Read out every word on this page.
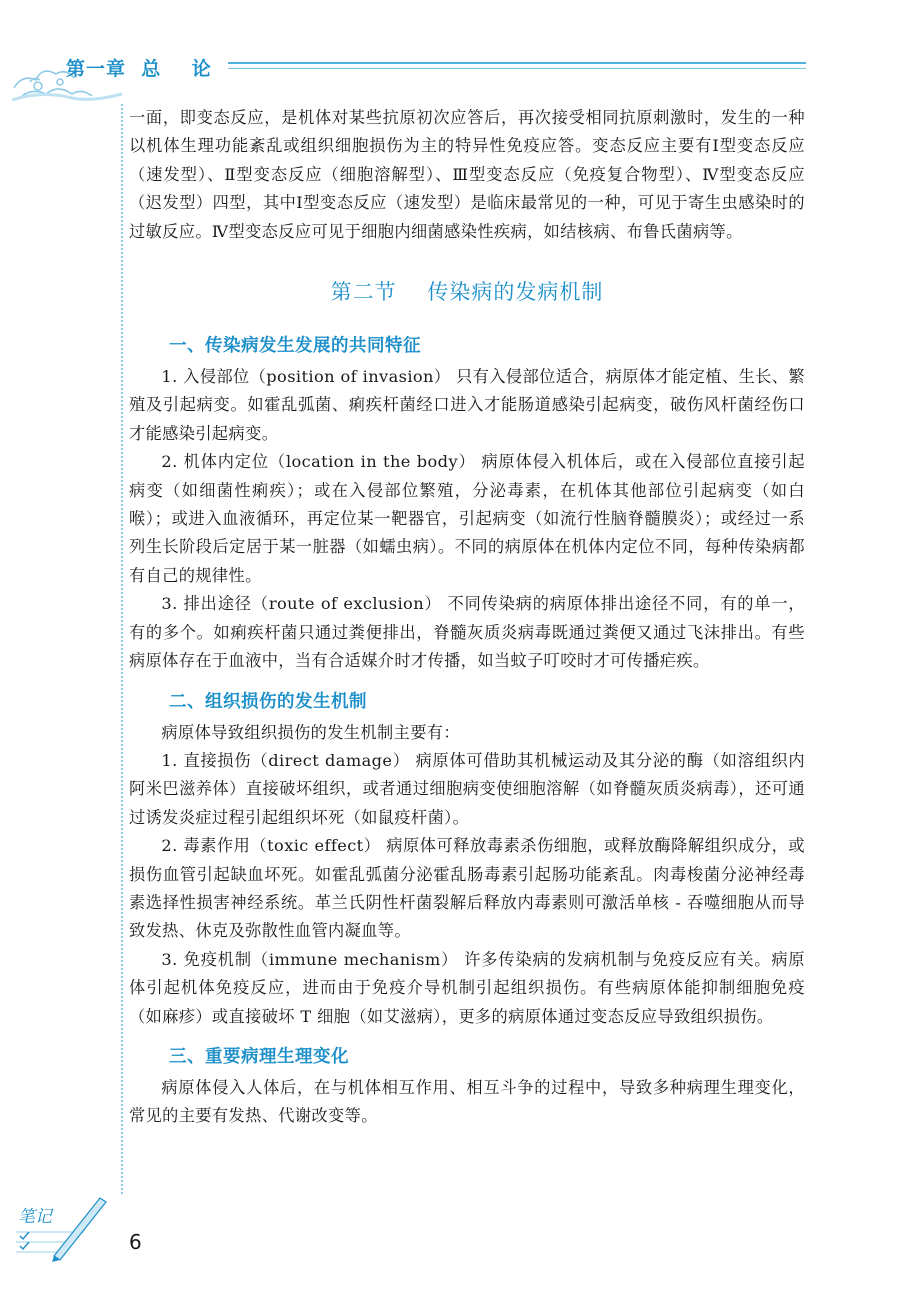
第一章  总    论

一面，即变态反应，是机体对某些抗原初次应答后，再次接受相同抗原刺激时，发生的一种以机体生理功能紊乱或组织细胞损伤为主的特异性免疫应答。变态反应主要有Ⅰ型变态反应（速发型）、Ⅱ型变态反应（细胞溶解型）、Ⅲ型变态反应（免疫复合物型）、Ⅳ型变态反应（迟发型）四型，其中Ⅰ型变态反应（速发型）是临床最常见的一种，可见于寄生虫感染时的过敏反应。Ⅳ型变态反应可见于细胞内细菌感染性疾病，如结核病、布鲁氏菌病等。

第二节    传染病的发病机制
一、传染病发生发展的共同特征

1. 入侵部位（position of invasion） 只有入侵部位适合，病原体才能定植、生长、繁殖及引起病变。如霍乱弧菌、痢疾杆菌经口进入才能肠道感染引起病变，破伤风杆菌经伤口才能感染引起病变。

2. 机体内定位（location in the body） 病原体侵入机体后，或在入侵部位直接引起病变（如细菌性痢疾）；或在入侵部位繁殖，分泌毒素，在机体其他部位引起病变（如白喉）；或进入血液循环，再定位某一靶器官，引起病变（如流行性脑脊髓膜炎）；或经过一系列生长阶段后定居于某一脏器（如蠕虫病）。不同的病原体在机体内定位不同，每种传染病都有自己的规律性。

3. 排出途径（route of exclusion） 不同传染病的病原体排出途径不同，有的单一，有的多个。如痢疾杆菌只通过粪便排出，脊髓灰质炎病毒既通过粪便又通过飞沫排出。有些病原体存在于血液中，当有合适媒介时才传播，如当蚊子叮咬时才可传播疟疾。

二、组织损伤的发生机制

病原体导致组织损伤的发生机制主要有：

1. 直接损伤（direct damage） 病原体可借助其机械运动及其分泌的酶（如溶组织内阿米巴滋养体）直接破坏组织，或者通过细胞病变使细胞溶解（如脊髓灰质炎病毒），还可通过诱发炎症过程引起组织坏死（如鼠疫杆菌）。

2. 毒素作用（toxic effect） 病原体可释放毒素杀伤细胞，或释放酶降解组织成分，或损伤血管引起缺血坏死。如霍乱弧菌分泌霍乱肠毒素引起肠功能紊乱。肉毒梭菌分泌神经毒素选择性损害神经系统。革兰氏阴性杆菌裂解后释放内毒素则可激活单核 - 吞噬细胞从而导致发热、休克及弥散性血管内凝血等。

3. 免疫机制（immune mechanism） 许多传染病的发病机制与免疫反应有关。病原体引起机体免疫反应，进而由于免疫介导机制引起组织损伤。有些病原体能抑制细胞免疫（如麻疹）或直接破坏 T 细胞（如艾滋病），更多的病原体通过变态反应导致组织损伤。

三、重要病理生理变化

病原体侵入人体后，在与机体相互作用、相互斗争的过程中，导致多种病理生理变化，常见的主要有发热、代谢改变等。

笔记
6
